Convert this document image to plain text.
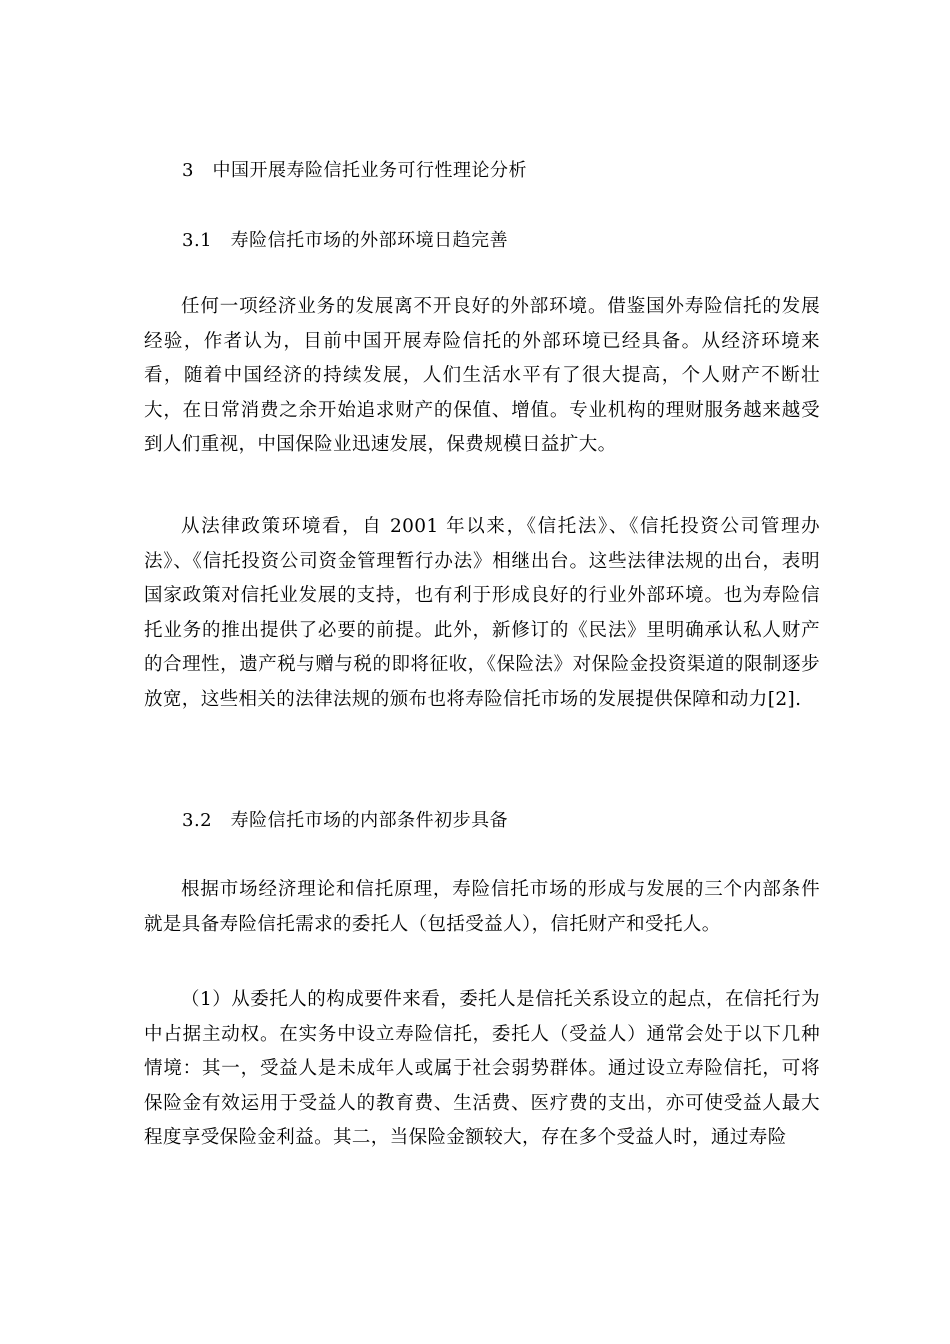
3　中国开展寿险信托业务可行性理论分析
3.1　寿险信托市场的外部环境日趋完善

任何一项经济业务的发展离不开良好的外部环境。借鉴国外寿险信托的发展经验，作者认为，目前中国开展寿险信托的外部环境已经具备。从经济环境来看，随着中国经济的持续发展，人们生活水平有了很大提高，个人财产不断壮大，在日常消费之余开始追求财产的保值、增值。专业机构的理财服务越来越受到人们重视，中国保险业迅速发展，保费规模日益扩大。

从法律政策环境看，自 2001 年以来，《信托法》、《信托投资公司管理办法》、《信托投资公司资金管理暂行办法》相继出台。这些法律法规的出台，表明国家政策对信托业发展的支持，也有利于形成良好的行业外部环境。也为寿险信托业务的推出提供了必要的前提。此外，新修订的《民法》里明确承认私人财产的合理性，遗产税与赠与税的即将征收，《保险法》对保险金投资渠道的限制逐步放宽，这些相关的法律法规的颁布也将寿险信托市场的发展提供保障和动力[2].

3.2　寿险信托市场的内部条件初步具备

根据市场经济理论和信托原理，寿险信托市场的形成与发展的三个内部条件就是具备寿险信托需求的委托人（包括受益人），信托财产和受托人。

（1）从委托人的构成要件来看，委托人是信托关系设立的起点，在信托行为中占据主动权。在实务中设立寿险信托，委托人（受益人）通常会处于以下几种情境：其一，受益人是未成年人或属于社会弱势群体。通过设立寿险信托，可将保险金有效运用于受益人的教育费、生活费、医疗费的支出，亦可使受益人最大程度享受保险金利益。其二，当保险金额较大，存在多个受益人时，通过寿险
